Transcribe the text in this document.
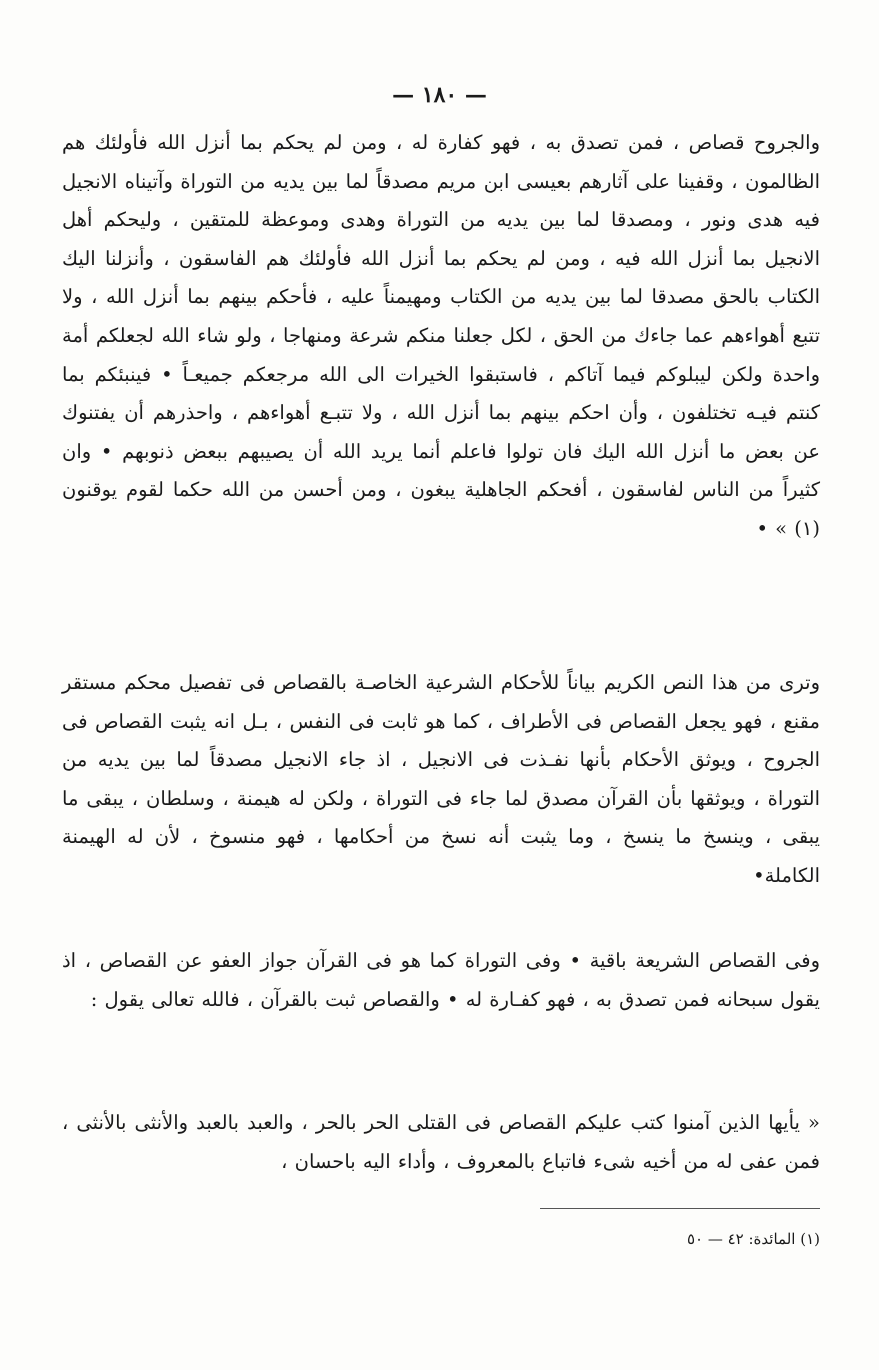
— ١٨٠ —

والجروح قصاص ، فمن تصدق به ، فهو كفارة له ، ومن لم يحكم بما أنزل الله فأولئك هم الظالمون ، وقفينا على آثارهم بعيسى ابن مريم مصدقاً لما بين يديه من التوراة وآتيناه الانجيل فيه هدى ونور ، ومصدقا لما بين يديه من التوراة وهدى وموعظة للمتقين ، وليحكم أهل الانجيل بما أنزل الله فيه ، ومن لم يحكم بما أنزل الله فأولئك هم الفاسقون ، وأنزلنا اليك الكتاب بالحق مصدقا لما بين يديه من الكتاب ومهيمناً عليه ، فأحكم بينهم بما أنزل الله ، ولا تتبع أهواءهم عما جاءك من الحق ، لكل جعلنا منكم شرعة ومنهاجا ، ولو شاء الله لجعلكم أمة واحدة ولكن ليبلوكم فيما آتاكم ، فاستبقوا الخيرات الى الله مرجعكم جميعـاً • فينبئكم بما كنتم فيـه تختلفون ، وأن احكم بينهم بما أنزل الله ، ولا تتبـع أهواءهم ، واحذرهم أن يفتنوك عن بعض ما أنزل الله اليك فان تولوا فاعلم أنما يريد الله أن يصيبهم ببعض ذنوبهم • وان كثيراً من الناس لفاسقون ، أفحكم الجاهلية يبغون ، ومن أحسن من الله حكما لقوم يوقنون (١) » •

وترى من هذا النص الكريم بياناً للأحكام الشرعية الخاصـة بالقصاص فى تفصيل محكم مستقر مقنع ، فهو يجعل القصاص فى الأطراف ، كما هو ثابت فى النفس ، بـل انه يثبت القصاص فى الجروح ، ويوثق الأحكام بأنها نفـذت فى الانجيل ، اذ جاء الانجيل مصدقاً لما بين يديه من التوراة ، ويوثقها بأن القرآن مصدق لما جاء فى التوراة ، ولكن له هيمنة ، وسلطان ، يبقى ما يبقى ، وينسخ ما ينسخ ، وما يثبت أنه نسخ من أحكامها ، فهو منسوخ ، لأن له الهيمنة الكاملة•

وفى القصاص الشريعة باقية • وفى التوراة كما هو فى القرآن جواز العفو عن القصاص ، اذ يقول سبحانه فمن تصدق به ، فهو كفـارة له • والقصاص ثبت بالقرآن ، فالله تعالى يقول :

« يأيها الذين آمنوا كتب عليكم القصاص فى القتلى الحر بالحر ، والعبد بالعبد والأنثى بالأنثى ، فمن عفى له من أخيه شىء فاتباع بالمعروف ، وأداء اليه باحسان ،

(١) المائدة: ٤٢ — ٥٠
